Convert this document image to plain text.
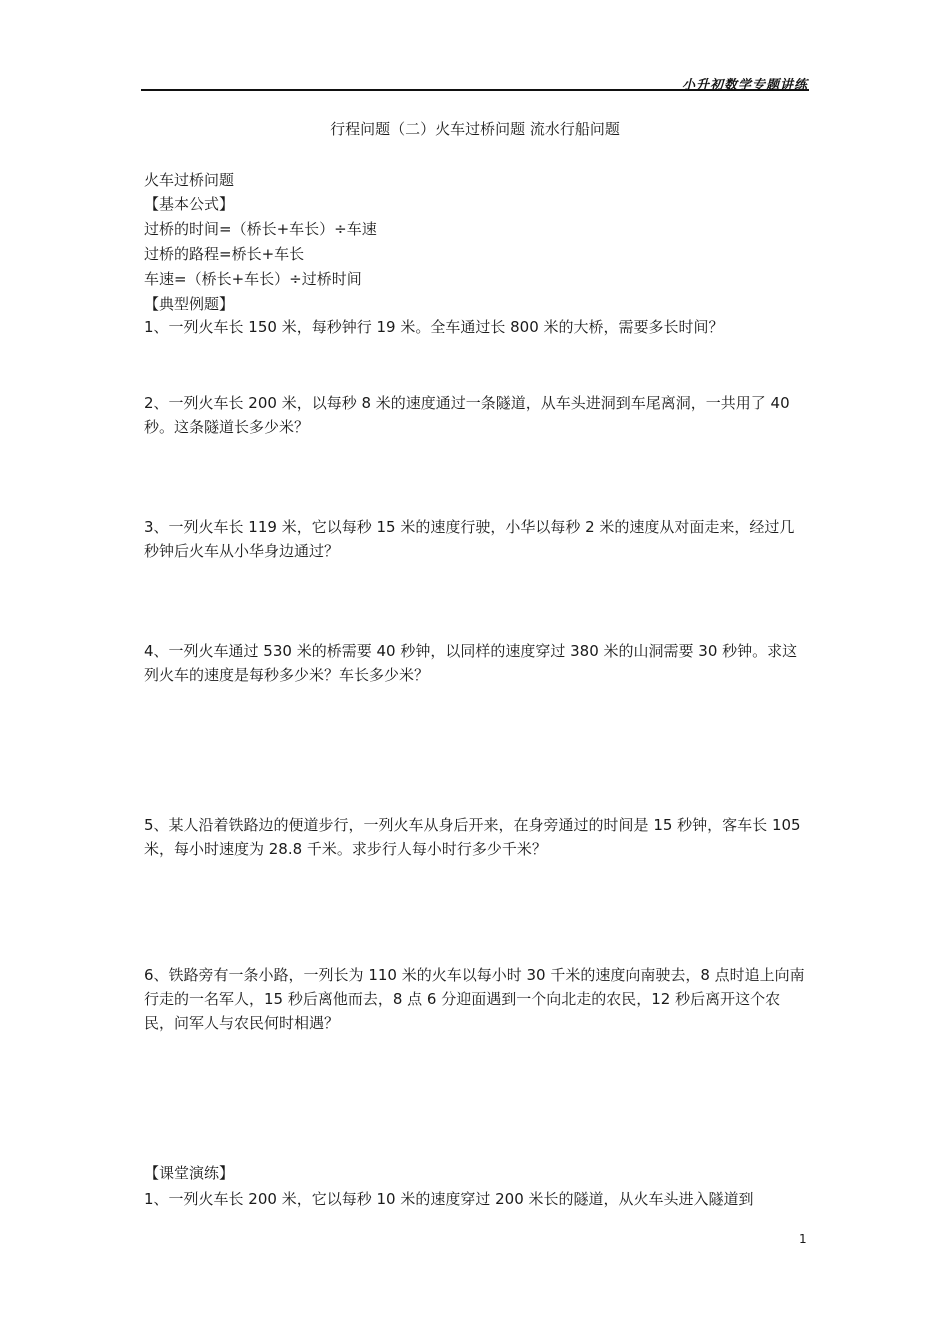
小升初数学专题讲练
行程问题（二）火车过桥问题 流水行船问题
火车过桥问题
【基本公式】
过桥的时间=（桥长+车长）÷车速
过桥的路程=桥长+车长
车速=（桥长+车长）÷过桥时间
【典型例题】
1、一列火车长 150 米，每秒钟行 19 米。全车通过长 800 米的大桥，需要多长时间？
2、一列火车长 200 米，以每秒 8 米的速度通过一条隧道，从车头进洞到车尾离洞，一共用了 40 秒。这条隧道长多少米？
3、一列火车长 119 米，它以每秒 15 米的速度行驶，小华以每秒 2 米的速度从对面走来，经过几秒钟后火车从小华身边通过？
4、一列火车通过 530 米的桥需要 40 秒钟，以同样的速度穿过 380 米的山洞需要 30 秒钟。求这列火车的速度是每秒多少米？车长多少米？
5、某人沿着铁路边的便道步行，一列火车从身后开来，在身旁通过的时间是 15 秒钟，客车长 105 米，每小时速度为 28.8 千米。求步行人每小时行多少千米？
6、铁路旁有一条小路，一列长为 110 米的火车以每小时 30 千米的速度向南驶去，8 点时追上向南行走的一名军人，15 秒后离他而去，8 点 6 分迎面遇到一个向北走的农民，12 秒后离开这个农民，问军人与农民何时相遇？
【课堂演练】
1、一列火车长 200 米，它以每秒 10 米的速度穿过 200 米长的隧道，从火车头进入隧道到
1
